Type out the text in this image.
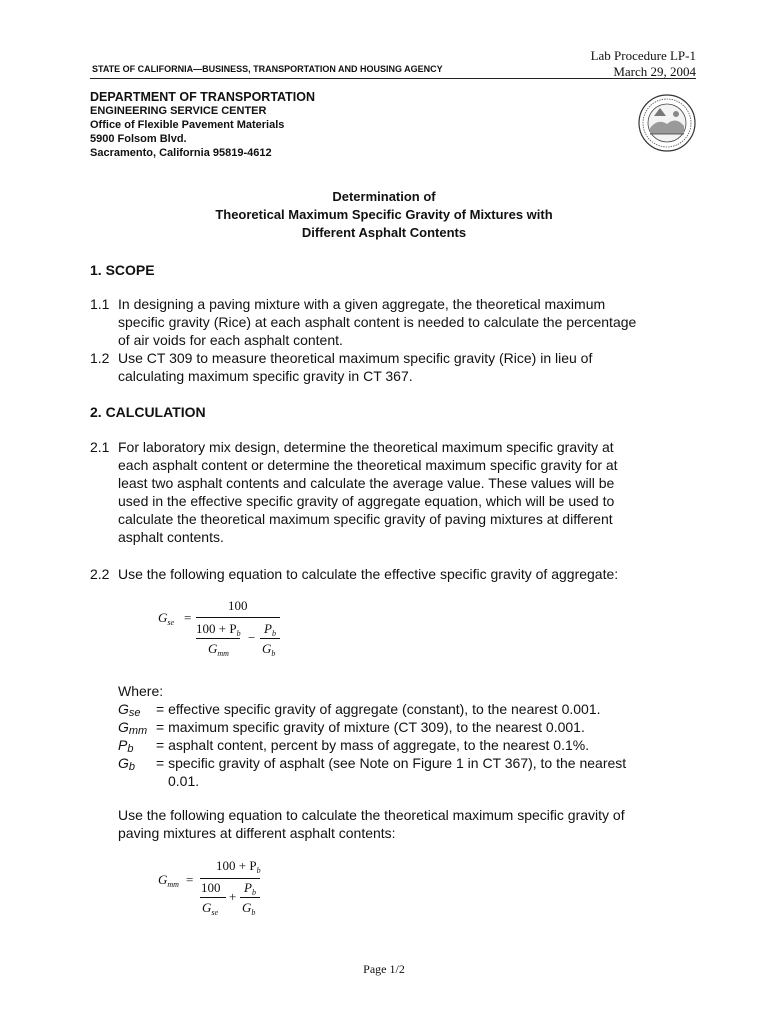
STATE OF CALIFORNIA—BUSINESS, TRANSPORTATION AND HOUSING AGENCY
Lab Procedure LP-1
March 29, 2004
DEPARTMENT OF TRANSPORTATION
ENGINEERING SERVICE CENTER
Office of Flexible Pavement Materials
5900 Folsom Blvd.
Sacramento, California 95819-4612
Determination of
Theoretical Maximum Specific Gravity of Mixtures with
Different Asphalt Contents
1. SCOPE
1.1 In designing a paving mixture with a given aggregate, the theoretical maximum
specific gravity (Rice) at each asphalt content is needed to calculate the percentage
of air voids for each asphalt content.
1.2 Use CT 309 to measure theoretical maximum specific gravity (Rice) in lieu of
calculating maximum specific gravity in CT 367.
2. CALCULATION
2.1 For laboratory mix design, determine the theoretical maximum specific gravity at
each asphalt content or determine the theoretical maximum specific gravity for at
least two asphalt contents and calculate the average value. These values will be
used in the effective specific gravity of aggregate equation, which will be used to
calculate the theoretical maximum specific gravity of paving mixtures at different
asphalt contents.
2.2 Use the following equation to calculate the effective specific gravity of aggregate:
$G_{se}$ =
100
$100 + P_b$
$G_{mm}$
−
$P_b$
$G_b$
Where:
Gse = effective specific gravity of aggregate (constant), to the nearest 0.001.
Gmm = maximum specific gravity of mixture (CT 309), to the nearest 0.001.
Pb = asphalt content, percent by mass of aggregate, to the nearest 0.1%.
Gb = specific gravity of asphalt (see Note on Figure 1 in CT 367), to the nearest
0.01.
Use the following equation to calculate the theoretical maximum specific gravity of
paving mixtures at different asphalt contents:
$G_{mm}$ =
$100 + P_b$
100
$G_{se}$
+
$P_b$
$G_b$
Page 1/2
